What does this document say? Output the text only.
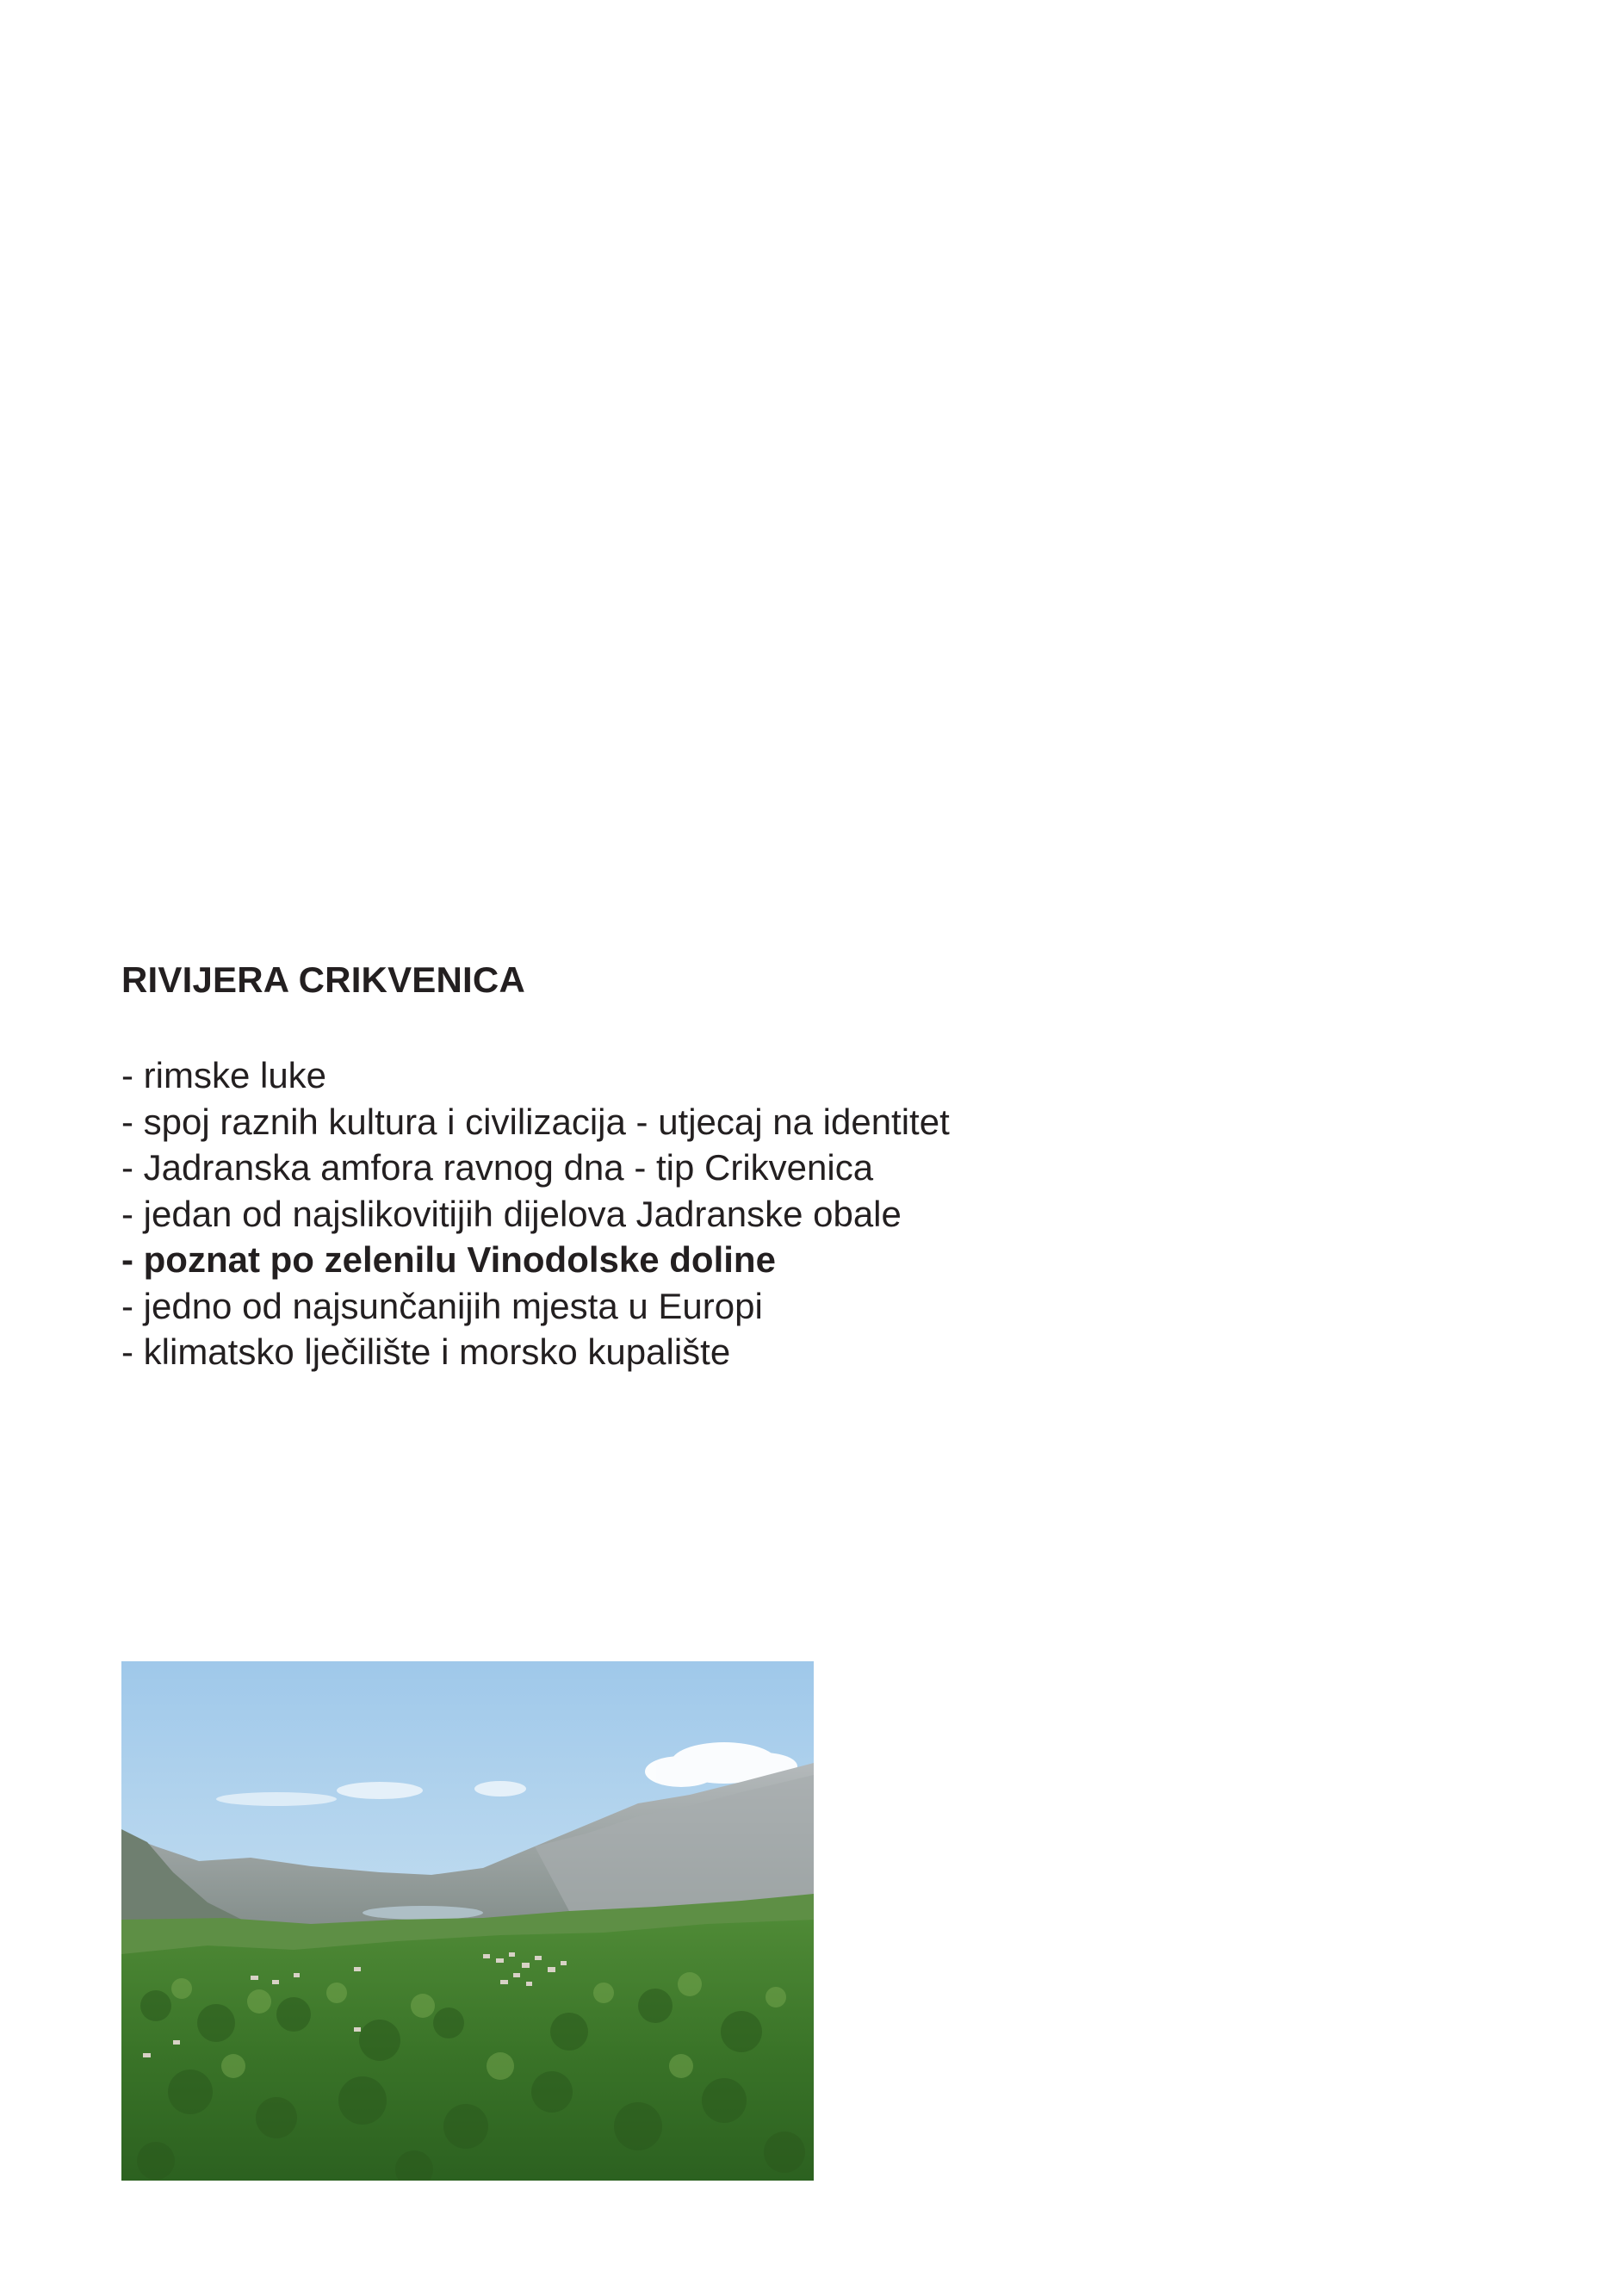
RIVIJERA CRIKVENICA
- rimske luke
- spoj raznih kultura i civilizacija - utjecaj na identitet
- Jadranska amfora ravnog dna - tip Crikvenica
- jedan od najslikovitijih dijelova Jadranske obale
- poznat po zelenilu Vinodolske doline
- jedno od najsunčanijih mjesta u Europi
- klimatsko lječilište i morsko kupalište
